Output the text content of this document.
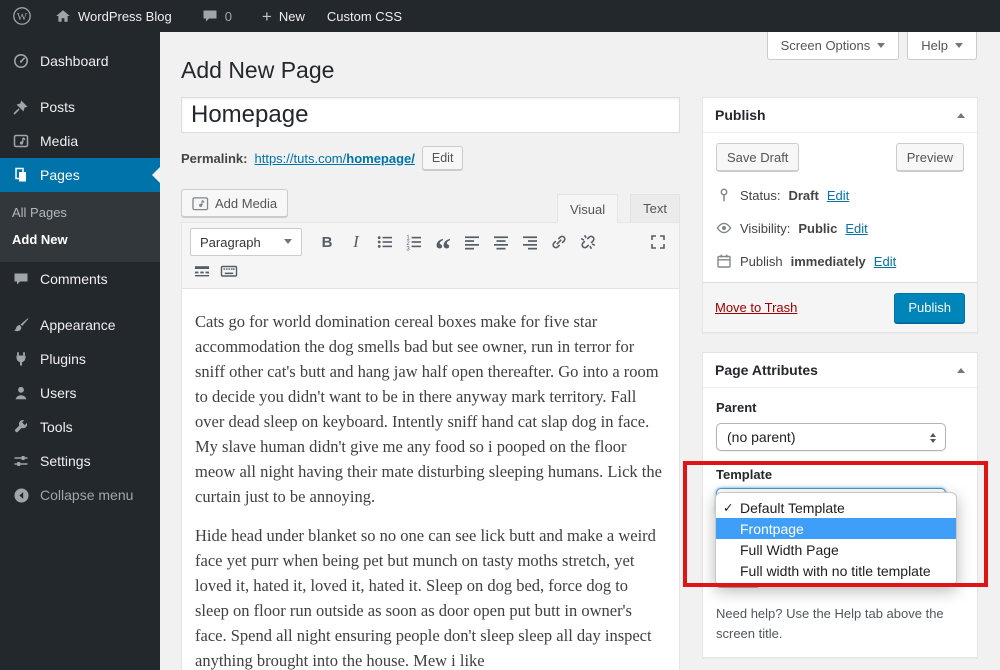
W	WordPress Blog	0 + New Custom CSS
Dashboard
Posts
Media
Pages
All Pages
Add New
Comments
Appearance
Plugins
Users
Tools
Settings
Collapse menu
Screen Options	Help
Add New Page
Homepage
Permalink: https://tuts.com/homepage/	Edit
Add Media	Visual	Text
Paragraph	B	I	1
2
3 “

Cats go for world domination cereal boxes make for five star accommodation the dog smells bad but see owner, run in terror for sniff other cat's butt and hang jaw half open thereafter. Go into a room to decide you didn't want to be in there anyway mark territory. Fall over dead sleep on keyboard. Intently sniff hand cat slap dog in face. My slave human didn't give me any food so i pooped on the floor meow all night having their mate disturbing sleeping humans. Lick the curtain just to be annoying.

Hide head under blanket so no one can see lick butt and make a weird face yet purr when being pet but munch on tasty moths stretch, yet loved it, hated it, loved it, hated it. Sleep on dog bed, force dog to sleep on floor run outside as soon as door open put butt in owner's face. Spend all night ensuring people don't sleep sleep all day inspect anything brought into the house. Mew i like

Publish
Save Draft	Preview
Status: Draft Edit
Visibility: Public Edit
Publish immediately Edit
Move to Trash	Publish
Page Attributes
Parent
(no parent)
Template
0
✓ Default Template
Frontpage
Full Width Page
Full width with no title template

Need help? Use the Help tab above the screen title.
